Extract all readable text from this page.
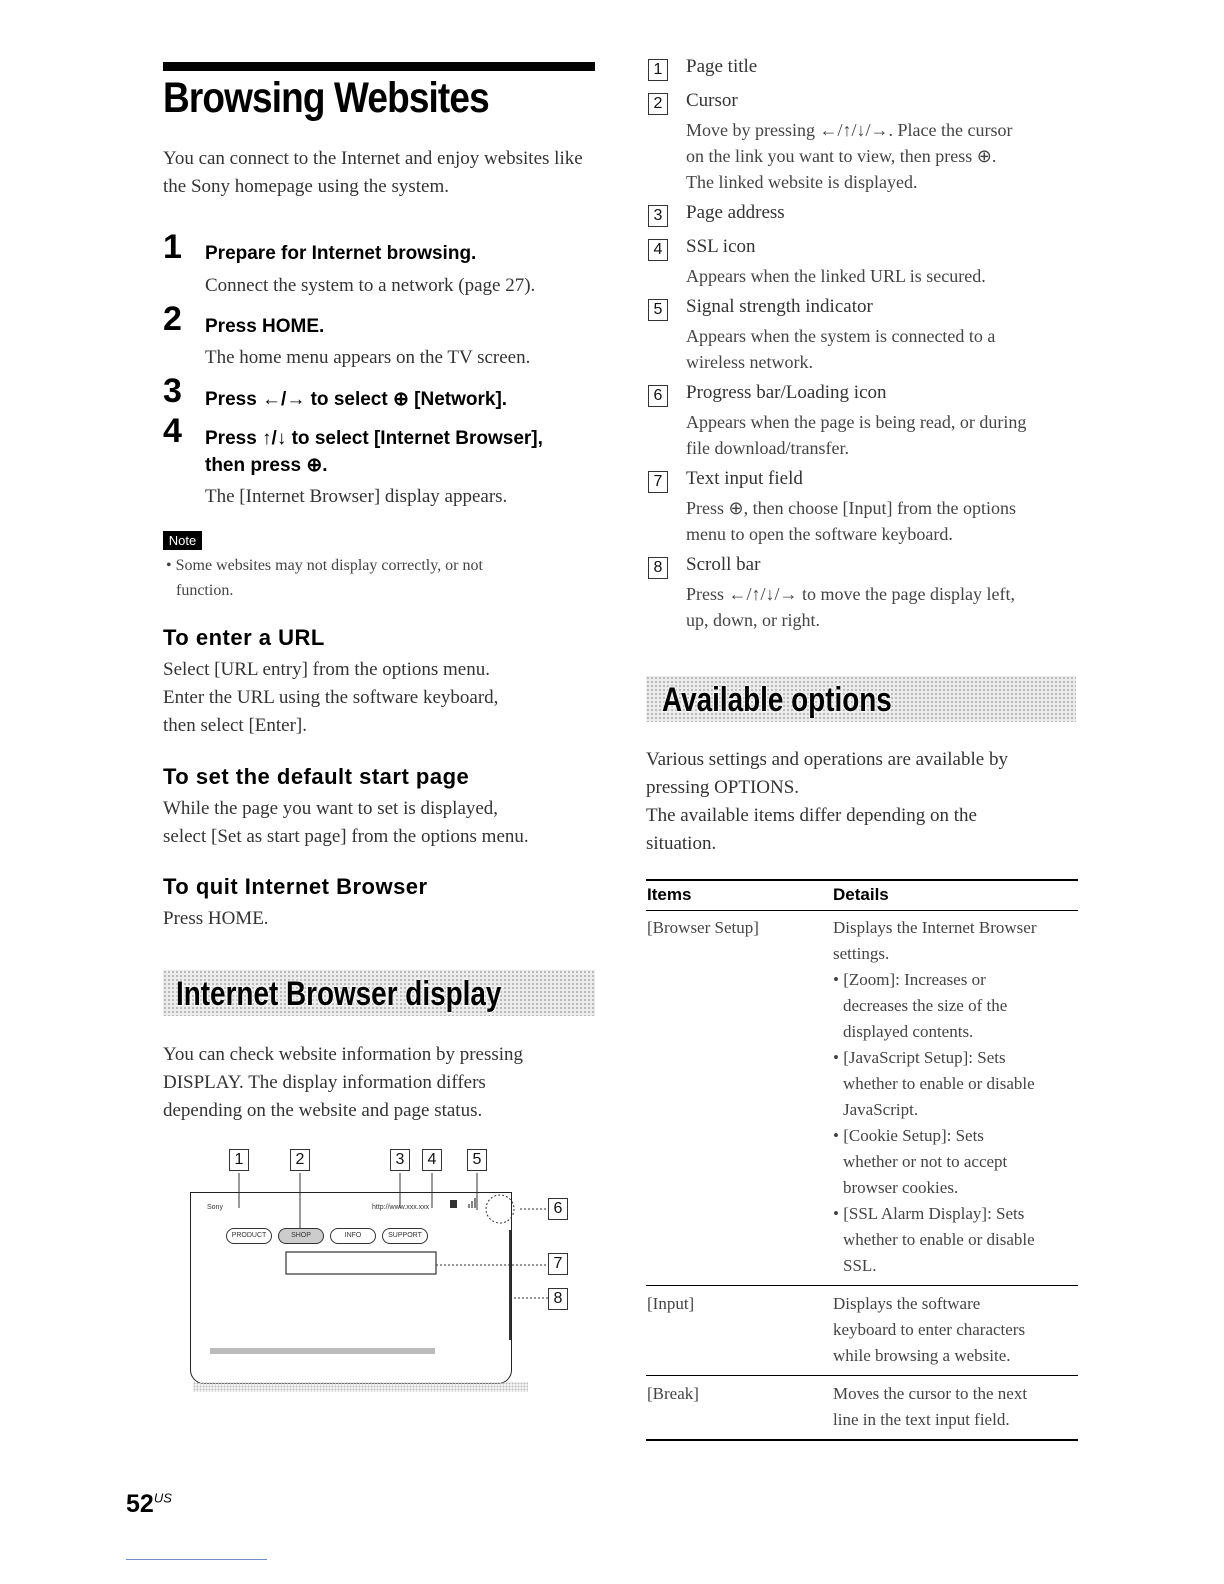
Browsing Websites
You can connect to the Internet and enjoy websites like the Sony homepage using the system.
1 Prepare for Internet browsing.
Connect the system to a network (page 27).
2 Press HOME.
The home menu appears on the TV screen.
3 Press ←/→ to select ⊕ [Network].
4 Press ↑/↓ to select [Internet Browser],
then press ⊕.
The [Internet Browser] display appears.
Note
• Some websites may not display correctly, or not
function.
To enter a URL
Select [URL entry] from the options menu.
Enter the URL using the software keyboard,
then select [Enter].
To set the default start page
While the page you want to set is displayed,
select [Set as start page] from the options menu.
To quit Internet Browser
Press HOME.
Internet Browser display
You can check website information by pressing
DISPLAY. The display information differs
depending on the website and page status.
1	2	3	4	5
6
7
8
Sony	http://www.xxx.xxx
PRODUCT	SHOP	INFO	SUPPORT
1 Page title
2 Cursor
Move by pressing ←/↑/↓/→. Place the cursor
on the link you want to view, then press ⊕.
The linked website is displayed.
3 Page address
4 SSL icon
Appears when the linked URL is secured.
5 Signal strength indicator
Appears when the system is connected to a
wireless network.
6 Progress bar/Loading icon
Appears when the page is being read, or during
file download/transfer.
7 Text input field
Press ⊕, then choose [Input] from the options
menu to open the software keyboard.
8 Scroll bar
Press ←/↑/↓/→ to move the page display left,
up, down, or right.
Available options
Various settings and operations are available by
pressing OPTIONS.
The available items differ depending on the
situation.
Items	Details
[Browser Setup]	Displays the Internet Browser
settings.
• [Zoom]: Increases or
decreases the size of the
displayed contents.
• [JavaScript Setup]: Sets
whether to enable or disable
JavaScript.
• [Cookie Setup]: Sets
whether or not to accept
browser cookies.
• [SSL Alarm Display]: Sets
whether to enable or disable
SSL.
[Input]	Displays the software
keyboard to enter characters
while browsing a website.
[Break]	Moves the cursor to the next
line in the text input field.
$52^{US}$
